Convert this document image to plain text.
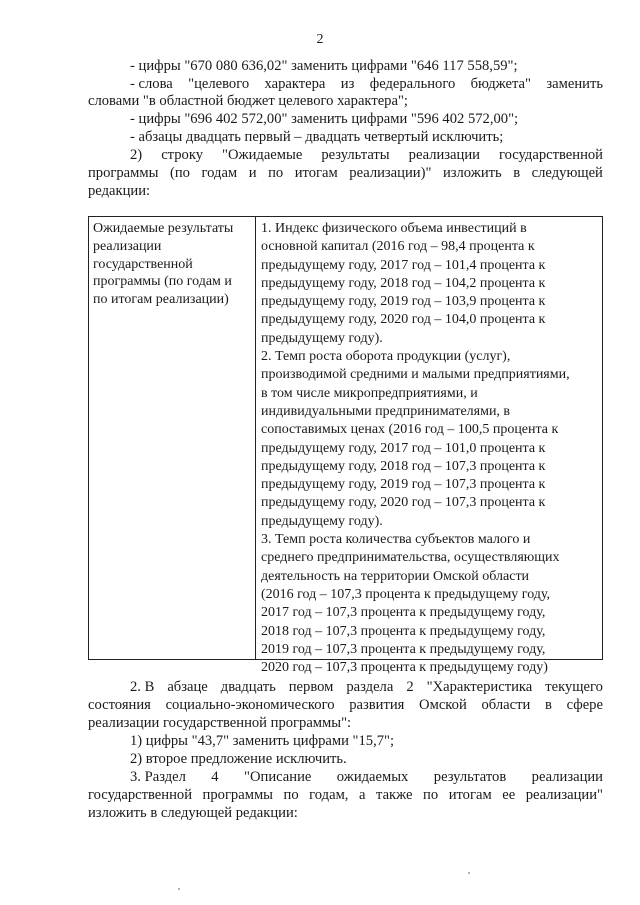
2
- цифры "670 080 636,02" заменить цифрами "646 117 558,59";
- слова "целевого характера из федерального бюджета" заменить
словами "в областной бюджет целевого характера";
- цифры "696 402 572,00" заменить цифрами "596 402 572,00";
- абзацы двадцать первый – двадцать четвертый исключить;
2) строку "Ожидаемые результаты реализации государственной
программы (по годам и по итогам реализации)" изложить в следующей
редакции:
Ожидаемые результаты
реализации
государственной
программы (по годам и
по итогам реализации)
1. Индекс физического объема инвестиций в
основной капитал (2016 год – 98,4 процента к
предыдущему году, 2017 год – 101,4 процента к
предыдущему году, 2018 год – 104,2 процента к
предыдущему году, 2019 год – 103,9 процента к
предыдущему году, 2020 год – 104,0 процента к
предыдущему году).
2. Темп роста оборота продукции (услуг),
производимой средними и малыми предприятиями,
в том числе микропредприятиями, и
индивидуальными предпринимателями, в
сопоставимых ценах (2016 год – 100,5 процента к
предыдущему году, 2017 год – 101,0 процента к
предыдущему году, 2018 год – 107,3 процента к
предыдущему году, 2019 год – 107,3 процента к
предыдущему году, 2020 год – 107,3 процента к
предыдущему году).
3. Темп роста количества субъектов малого и
среднего предпринимательства, осуществляющих
деятельность на территории Омской области
(2016 год – 107,3 процента к предыдущему году,
2017 год – 107,3 процента к предыдущему году,
2018 год – 107,3 процента к предыдущему году,
2019 год – 107,3 процента к предыдущему году,
2020 год – 107,3 процента к предыдущему году)
2. В абзаце двадцать первом раздела 2 "Характеристика текущего
состояния социально-экономического развития Омской области в сфере
реализации государственной программы":
1) цифры "43,7" заменить цифрами "15,7";
2) второе предложение исключить.
3. Раздел 4 "Описание ожидаемых результатов реализации
государственной программы по годам, а также по итогам ее реализации"
изложить в следующей редакции:
